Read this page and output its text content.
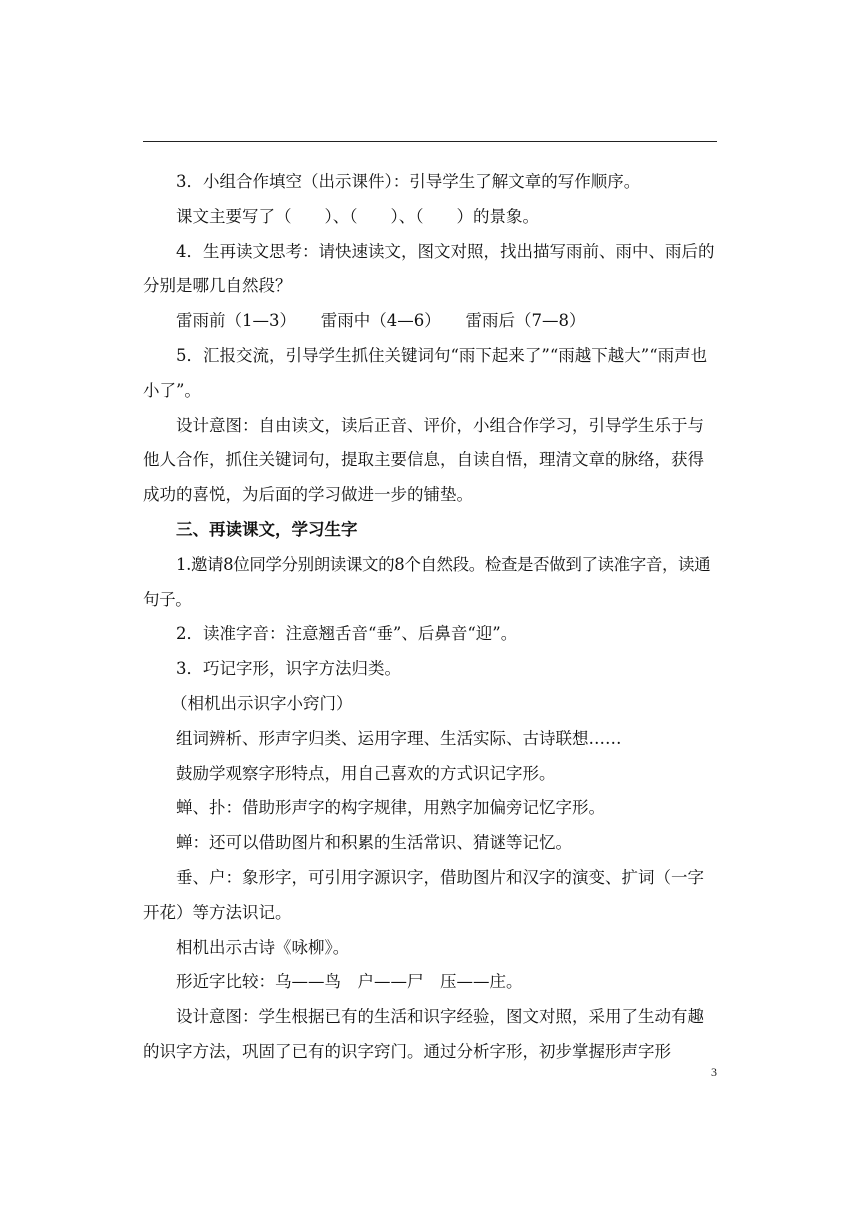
3．小组合作填空（出示课件）：引导学生了解文章的写作顺序。

课文主要写了（　　）、（　　）、（　　）的景象。

4．生再读文思考：请快速读文，图文对照，找出描写雨前、雨中、雨后的分别是哪几自然段？

雷雨前（1—3）　　雷雨中（4—6）　　雷雨后（7—8）

5．汇报交流，引导学生抓住关键词句“雨下起来了”“雨越下越大”“雨声也小了”。

设计意图：自由读文，读后正音、评价，小组合作学习，引导学生乐于与他人合作，抓住关键词句，提取主要信息，自读自悟，理清文章的脉络，获得成功的喜悦，为后面的学习做进一步的铺垫。

三、再读课文，学习生字

1.邀请8位同学分别朗读课文的8个自然段。检查是否做到了读准字音，读通句子。

2．读准字音：注意翘舌音“垂”、后鼻音“迎”。

3．巧记字形，识字方法归类。

（相机出示识字小窍门）

组词辨析、形声字归类、运用字理、生活实际、古诗联想……

鼓励学观察字形特点，用自己喜欢的方式识记字形。

蝉、扑：借助形声字的构字规律，用熟字加偏旁记忆字形。

蝉：还可以借助图片和积累的生活常识、猜谜等记忆。

垂、户：象形字，可引用字源识字，借助图片和汉字的演变、扩词（一字开花）等方法识记。

相机出示古诗《咏柳》。

形近字比较：乌——鸟　户——尸　压——庄。

设计意图：学生根据已有的生活和识字经验，图文对照，采用了生动有趣的识字方法，巩固了已有的识字窍门。通过分析字形，初步掌握形声字形

3
